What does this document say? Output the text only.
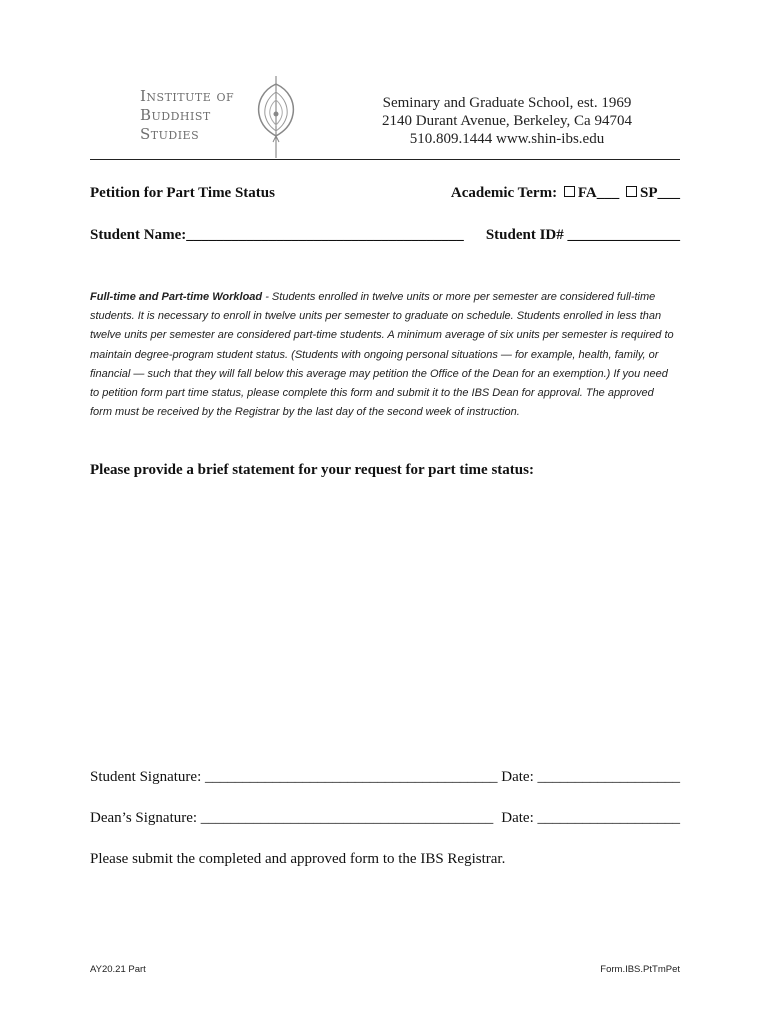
Institute of
Buddhist
Studies
Seminary and Graduate School, est. 1969
2140 Durant Avenue, Berkeley, Ca 94704
510.809.1444 www.shin-ibs.edu
Petition for Part Time Status	Academic Term: FA___ SP___
Student Name:_____________________________________ Student ID# _______________
Full-time and Part-time Workload - Students enrolled in twelve units or more per semester are considered full-time students. It is necessary to enroll in twelve units per semester to graduate on schedule. Students enrolled in less than twelve units per semester are considered part-time students. A minimum average of six units per semester is required to maintain degree-program student status. (Students with ongoing personal situations — for example, health, family, or financial — such that they will fall below this average may petition the Office of the Dean for an exemption.) If you need to petition form part time status, please complete this form and submit it to the IBS Dean for approval. The approved form must be received by the Registrar by the last day of the second week of instruction.
Please provide a brief statement for your request for part time status:
Student Signature: _______________________________________ Date: ___________________
Dean’s Signature: _______________________________________ Date: ___________________
Please submit the completed and approved form to the IBS Registrar.
AY20.21 Part	Form.IBS.PtTmPet
